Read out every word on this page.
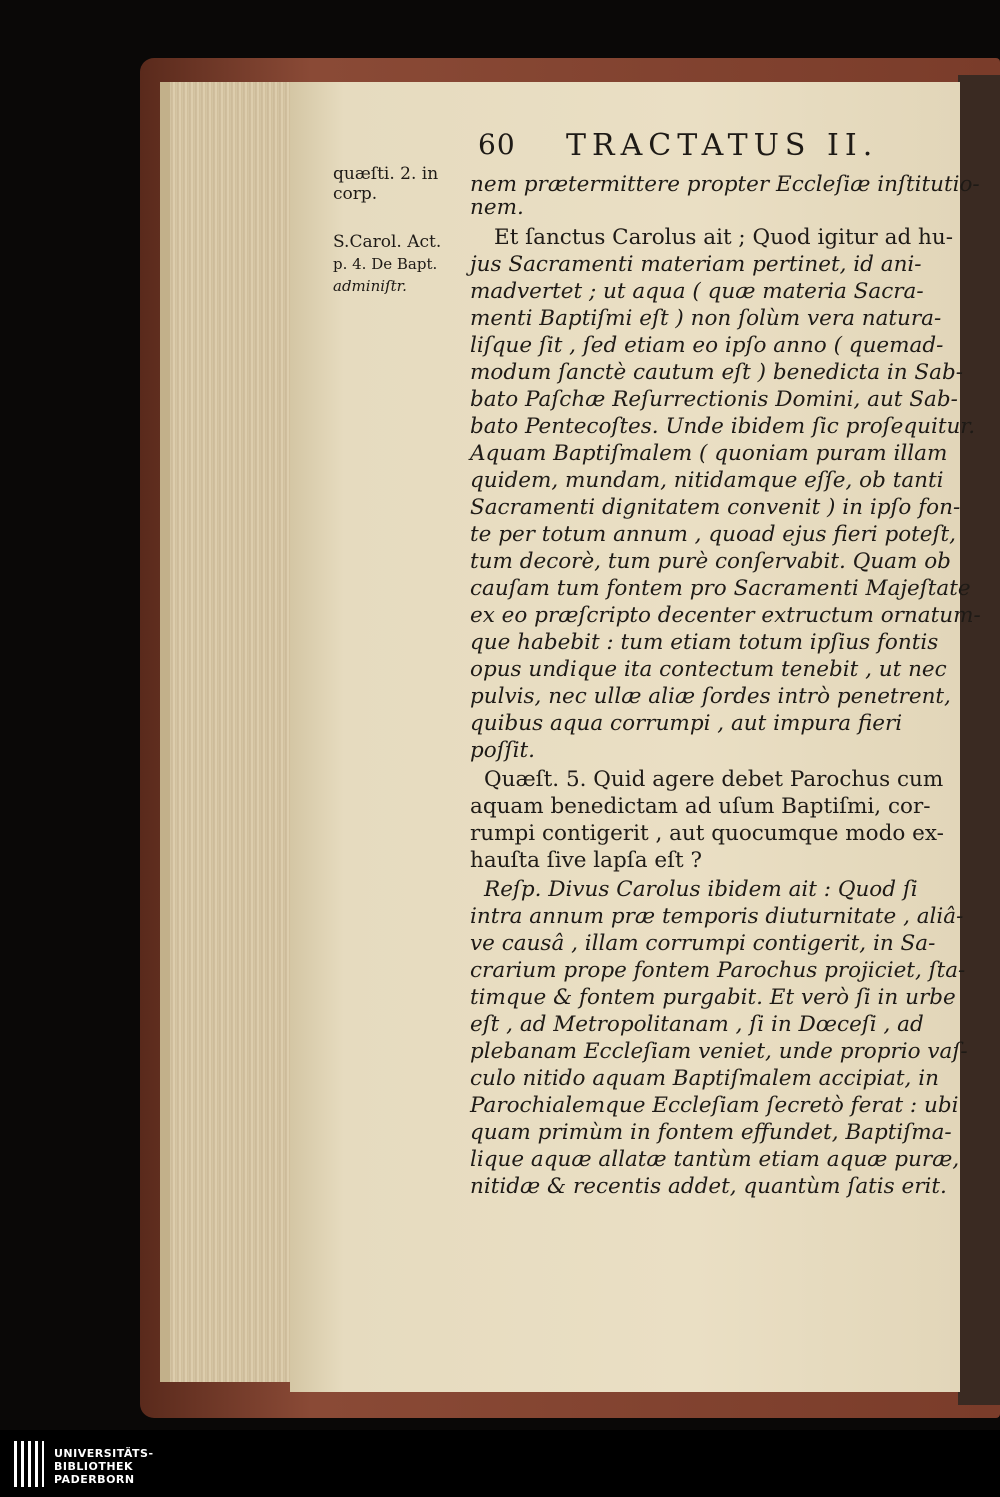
60 TRACTATUS II.
quæſti. 2. in
corp.
S.Carol. Act.
p. 4. De Bapt.
adminiſtr.
nem prætermittere propter Eccleſiæ inſtitutio-
nem.
Et ſanctus Carolus ait ; Quod igitur ad hu-
jus Sacramenti materiam pertinet, id ani-
madvertet ; ut aqua ( quæ materia Sacra-
menti Baptiſmi eſt ) non ſolùm vera natura-
liſque ſit , ſed etiam eo ipſo anno ( quemad-
modum ſanctè cautum eſt ) benedicta in Sab-
bato Paſchæ Reſurrectionis Domini, aut Sab-
bato Pentecoſtes. Unde ibidem ſic proſequitur.
Aquam Baptiſmalem ( quoniam puram illam
quidem, mundam, nitidamque eſſe, ob tanti
Sacramenti dignitatem convenit ) in ipſo fon-
te per totum annum , quoad ejus fieri poteſt,
tum decorè, tum purè conſervabit. Quam ob
cauſam tum fontem pro Sacramenti Majeſtate
ex eo præſcripto decenter extructum ornatum-
que habebit : tum etiam totum ipſius fontis
opus undique ita contectum tenebit , ut nec
pulvis, nec ullæ aliæ ſordes intrò penetrent,
quibus aqua corrumpi , aut impura fieri
poſſit.
Quæſt. 5. Quid agere debet Parochus cum
aquam benedictam ad uſum Baptiſmi, cor-
rumpi contigerit , aut quocumque modo ex-
hauſta ſive lapſa eſt ?
Reſp. Divus Carolus ibidem ait : Quod ſi
intra annum præ temporis diuturnitate , aliâ-
ve causâ , illam corrumpi contigerit, in Sa-
crarium prope fontem Parochus projiciet, ſta-
timque & fontem purgabit. Et verò ſi in urbe
eſt , ad Metropolitanam , ſi in Dœceſi , ad
plebanam Eccleſiam veniet, unde proprio vaſ-
culo nitido aquam Baptiſmalem accipiat, in
Parochialemque Eccleſiam ſecretò ferat : ubi
quam primùm in fontem effundet, Baptiſma-
lique aquæ allatæ tantùm etiam aquæ puræ,
nitidæ & recentis addet, quantùm ſatis erit.
UNIVERSITÄTS-
BIBLIOTHEK
PADERBORN
